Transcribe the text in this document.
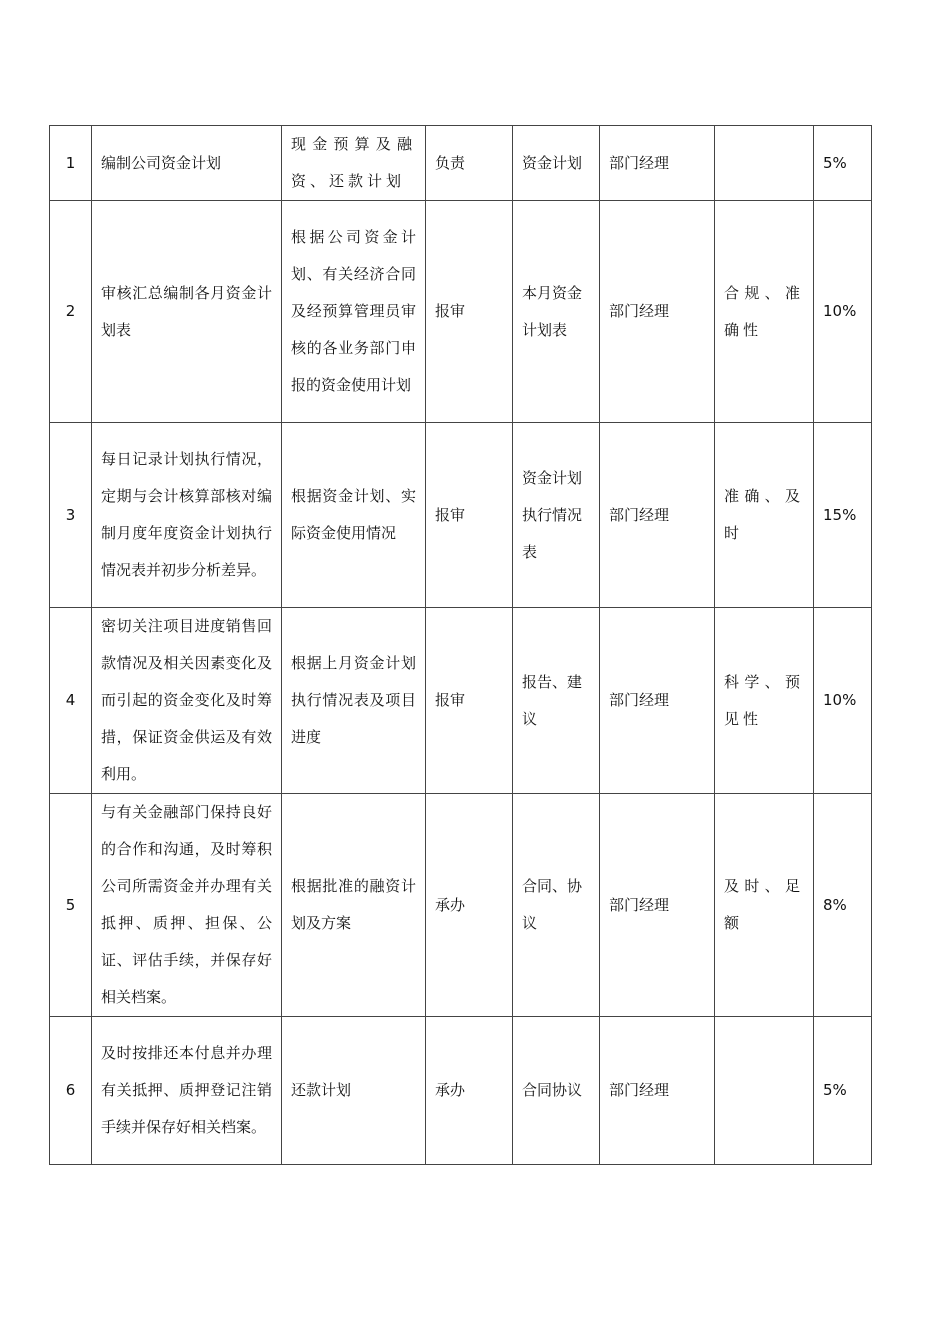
1	编制公司资金计划	现金预算及融资、还款计划	负责	资金计划	部门经理		5%
2	审核汇总编制各月资金计划表	根据公司资金计划、有关经济合同及经预算管理员审核的各业务部门申报的资金使用计划	报审	本月资金计划表	部门经理	合规、准确性	10%
3	每日记录计划执行情况，定期与会计核算部核对编制月度年度资金计划执行情况表并初步分析差异。	根据资金计划、实际资金使用情况	报审	资金计划执行情况表	部门经理	准确、及时	15%
4	密切关注项目进度销售回款情况及相关因素变化及而引起的资金变化及时筹措，保证资金供运及有效利用。	根据上月资金计划执行情况表及项目进度	报审	报告、建议	部门经理	科学、预见性	10%
5	与有关金融部门保持良好的合作和沟通，及时筹积公司所需资金并办理有关抵押、质押、担保、公证、评估手续，并保存好相关档案。	根据批准的融资计划及方案	承办	合同、协议	部门经理	及时、足额	8%
6	及时按排还本付息并办理有关抵押、质押登记注销手续并保存好相关档案。	还款计划	承办	合同协议	部门经理		5%
